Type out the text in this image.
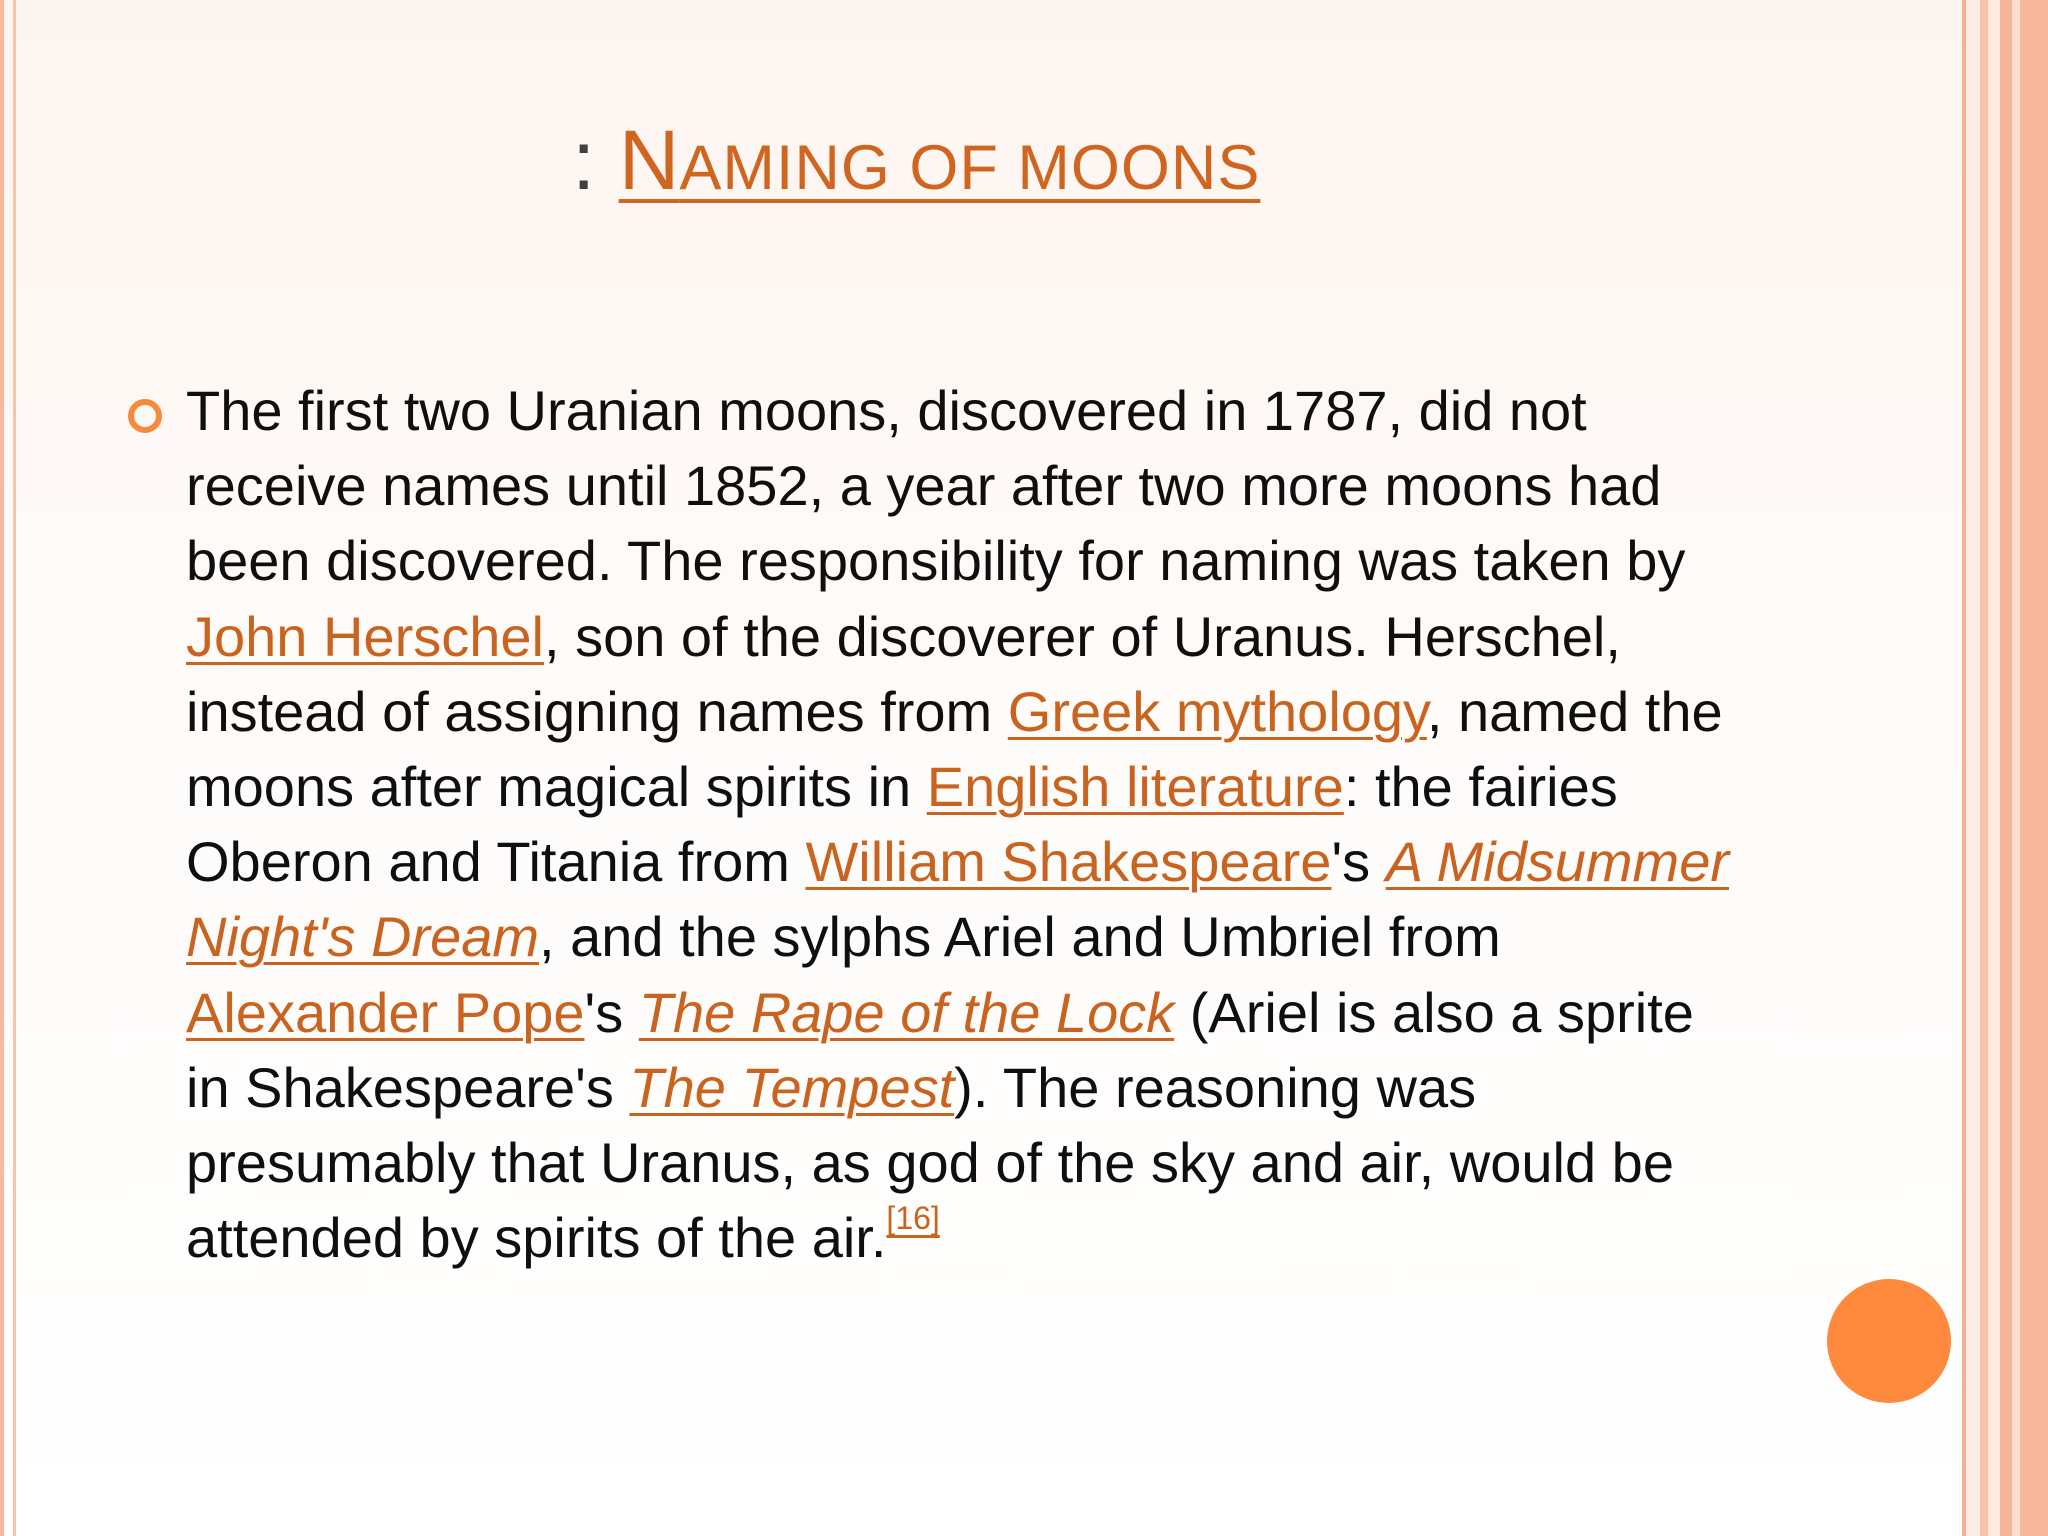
: NAMING OF MOONS

The first two Uranian moons, discovered in 1787, did not receive names until 1852, a year after two more moons had been discovered. The responsibility for naming was taken by John Herschel, son of the discoverer of Uranus. Herschel, instead of assigning names from Greek mythology, named the moons after magical spirits in English literature: the fairies Oberon and Titania from William Shakespeare's A Midsummer Night's Dream, and the sylphs Ariel and Umbriel from Alexander Pope's The Rape of the Lock (Ariel is also a sprite in Shakespeare's The Tempest). The reasoning was presumably that Uranus, as god of the sky and air, would be attended by spirits of the air.[16]
